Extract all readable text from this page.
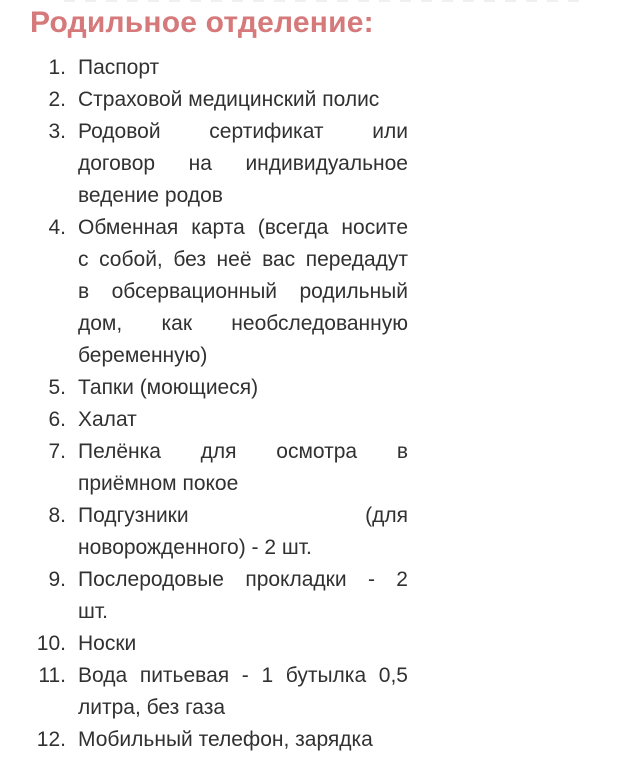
Родильное отделение:
1. Паспорт
2. Страховой медицинский полис
3. Родовой сертификат или
договор на индивидуальное
ведение родов
4. Обменная карта (всегда носите
с собой, без неё вас передадут
в обсервационный родильный
дом, как необследованную
беременную)
5. Тапки (моющиеся)
6. Халат
7. Пелёнка для осмотра в
приёмном покое
8. Подгузники (для
новорожденного) - 2 шт.
9. Послеродовые прокладки - 2
шт.
10. Носки
11. Вода питьевая - 1 бутылка 0,5
литра, без газа
12. Мобильный телефон, зарядка
